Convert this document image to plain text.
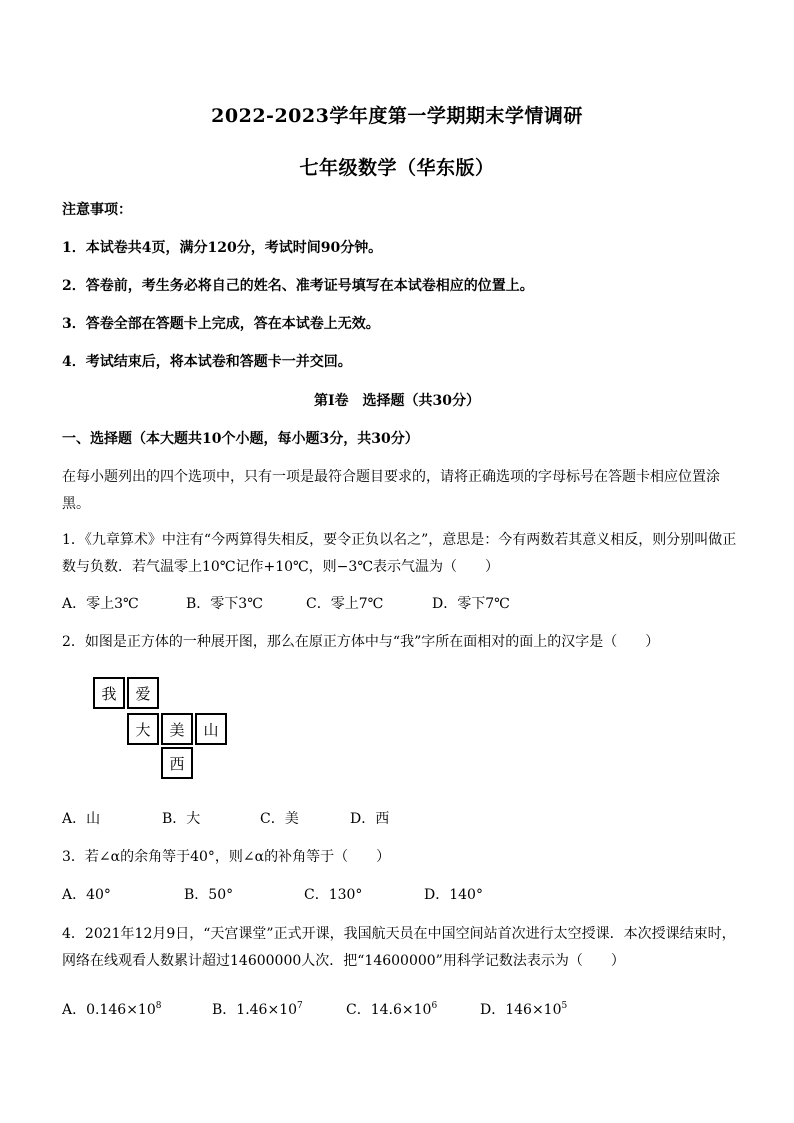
2022-2023学年度第一学期期末学情调研
七年级数学（华东版）
注意事项：
1．本试卷共4页，满分120分，考试时间90分钟。
2．答卷前，考生务必将自己的姓名、准考证号填写在本试卷相应的位置上。
3．答卷全部在答题卡上完成，答在本试卷上无效。
4．考试结束后，将本试卷和答题卡一并交回。
第Ⅰ卷　选择题（共30分）
一、选择题（本大题共10个小题，每小题3分，共30分）
在每小题列出的四个选项中，只有一项是最符合题目要求的，请将正确选项的字母标号在答题卡相应位置涂黑。
1．《九章算术》中注有“今两算得失相反，要令正负以名之”，意思是：今有两数若其意义相反，则分别叫做正数与负数．若气温零上10℃记作+10℃，则−3℃表示气温为（　　）
A．零上3℃	B．零下3℃	C．零上7℃	D．零下7℃
2．如图是正方体的一种展开图，那么在原正方体中与“我”字所在面相对的面上的汉字是（　　）
我	爱
大	美	山
西
A．山	B．大	C．美	D．西
3．若∠α的余角等于40°，则∠α的补角等于（　　）
A．40°	B．50°	C．130°	D．140°
4．2021年12月9日，“天宫课堂”正式开课，我国航天员在中国空间站首次进行太空授课．本次授课结束时，网络在线观看人数累计超过14600000人次．把“14600000”用科学记数法表示为（　　）
A．$0.146\times 10^8$	B．$1.46\times 10^7$	C．$14.6\times 10^6$	D．$146\times 10^5$
